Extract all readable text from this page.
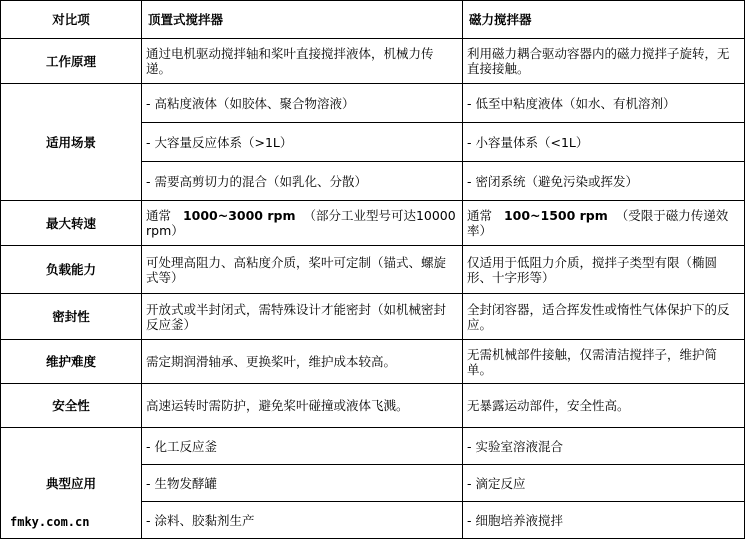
对比项	顶置式搅拌器	磁力搅拌器
工作原理	通过电机驱动搅拌轴和桨叶直接搅拌液体，机械力传递。	利用磁力耦合驱动容器内的磁力搅拌子旋转，无直接接触。
适用场景	- 高粘度液体（如胶体、聚合物溶液）	- 低至中粘度液体（如水、有机溶剂）
	- 大容量反应体系（>1L）	- 小容量体系（<1L）
	- 需要高剪切力的混合（如乳化、分散）	- 密闭系统（避免污染或挥发）
最大转速	通常 1000~3000 rpm （部分工业型号可达10000 rpm）	通常 100~1500 rpm （受限于磁力传递效率）
负载能力	可处理高阻力、高粘度介质，桨叶可定制（锚式、螺旋式等）	仅适用于低阻力介质，搅拌子类型有限（椭圆形、十字形等）
密封性	开放式或半封闭式，需特殊设计才能密封（如机械密封反应釜）	全封闭容器，适合挥发性或惰性气体保护下的反应。
维护难度	需定期润滑轴承、更换桨叶，维护成本较高。	无需机械部件接触，仅需清洁搅拌子，维护简单。
安全性	高速运转时需防护，避免桨叶碰撞或液体飞溅。	无暴露运动部件，安全性高。
典型应用	- 化工反应釜	- 实验室溶液混合
	- 生物发酵罐	- 滴定反应
	- 涂料、胶黏剂生产	- 细胞培养液搅拌
fmky.com.cn
